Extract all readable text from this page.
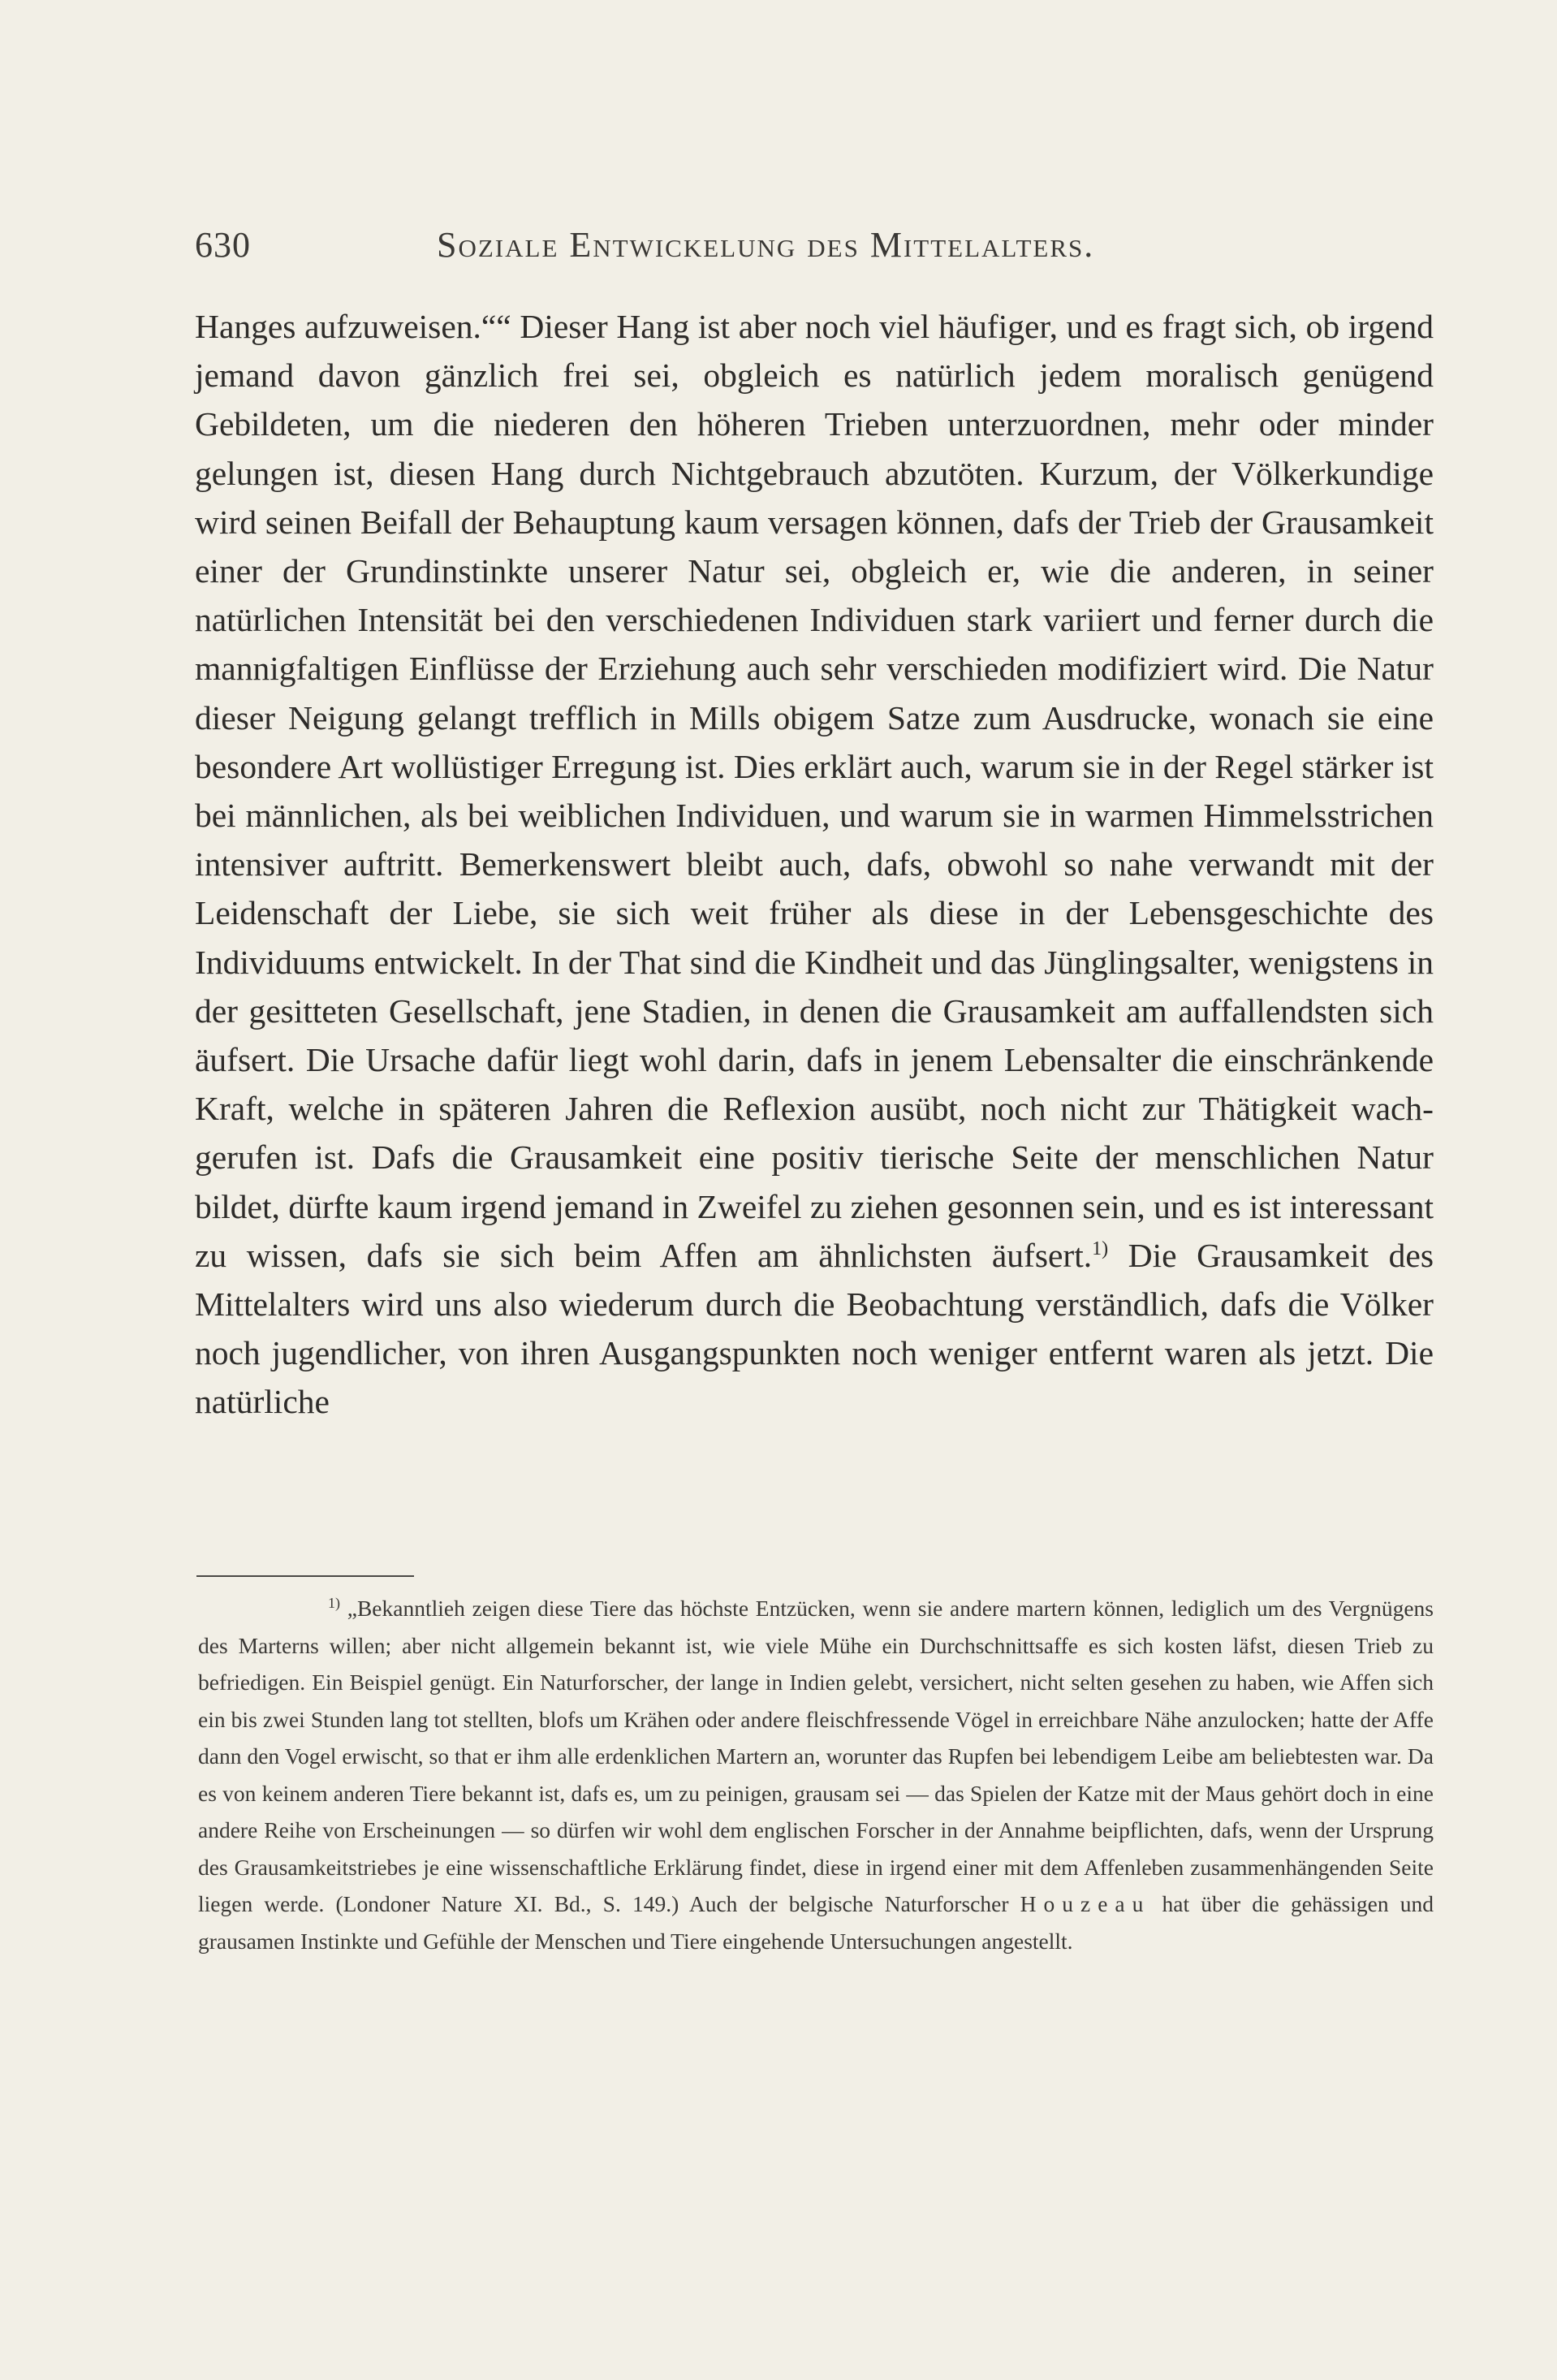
630	Soziale Entwickelung des Mittelalters.

Hanges aufzuweisen.““ Dieser Hang ist aber noch viel häufiger, und es fragt sich, ob irgend jemand davon gänzlich frei sei, obgleich es natürlich jedem moralisch genügend Gebildeten, um die niederen den höheren Trieben unterzuordnen, mehr oder minder gelungen ist, diesen Hang durch Nichtgebrauch abzutöten. Kurzum, der Völkerkundige wird seinen Beifall der Behauptung kaum versagen können, dafs der Trieb der Grausamkeit einer der Grundinstinkte unserer Natur sei, obgleich er, wie die anderen, in seiner natürlichen Intensität bei den verschiedenen Individuen stark variiert und ferner durch die mannigfaltigen Einflüsse der Erziehung auch sehr verschieden modifiziert wird. Die Natur dieser Neigung gelangt trefflich in Mills obigem Satze zum Ausdrucke, wonach sie eine besondere Art wollüstiger Erregung ist. Dies erklärt auch, warum sie in der Regel stärker ist bei männlichen, als bei weiblichen Individuen, und warum sie in warmen Himmelsstrichen intensiver auftritt. Bemerkenswert bleibt auch, dafs, obwohl so nahe verwandt mit der Leidenschaft der Liebe, sie sich weit früher als diese in der Lebensgeschichte des Individuums entwickelt. In der That sind die Kindheit und das Jünglingsalter, wenigstens in der gesitteten Gesellschaft, jene Stadien, in denen die Grausamkeit am auffallendsten sich äufsert. Die Ursache dafür liegt wohl darin, dafs in jenem Lebensalter die einschränkende Kraft, welche in späteren Jahren die Reflexion ausübt, noch nicht zur Thätigkeit wachgerufen ist. Dafs die Grausamkeit eine positiv tierische Seite der menschlichen Natur bildet, dürfte kaum irgend jemand in Zweifel zu ziehen gesonnen sein, und es ist interessant zu wissen, dafs sie sich beim Affen am ähnlichsten äufsert.$^{1)}$ Die Grausamkeit des Mittelalters wird uns also wiederum durch die Beobachtung verständlich, dafs die Völker noch jugendlicher, von ihren Ausgangspunkten noch weniger entfernt waren als jetzt. Die natürliche

$^{1)}$ „Bekanntlieh zeigen diese Tiere das höchste Entzücken, wenn sie andere martern können, lediglich um des Vergnügens des Marterns willen; aber nicht allgemein bekannt ist, wie viele Mühe ein Durchschnittsaffe es sich kosten läfst, diesen Trieb zu befriedigen. Ein Beispiel genügt. Ein Naturforscher, der lange in Indien gelebt, versichert, nicht selten gesehen zu haben, wie Affen sich ein bis zwei Stunden lang tot stellten, blofs um Krähen oder andere fleischfressende Vögel in erreichbare Nähe anzulocken; hatte der Affe dann den Vogel erwischt, so that er ihm alle erdenklichen Martern an, worunter das Rupfen bei lebendigem Leibe am beliebtesten war. Da es von keinem anderen Tiere bekannt ist, dafs es, um zu peinigen, grausam sei — das Spielen der Katze mit der Maus gehört doch in eine andere Reihe von Erscheinungen — so dürfen wir wohl dem englischen Forscher in der Annahme beipflichten, dafs, wenn der Ursprung des Grausamkeitstriebes je eine wissenschaftliche Erklärung findet, diese in irgend einer mit dem Affenleben zusammenhängenden Seite liegen werde. (Londoner Nature XI. Bd., S. 149.) Auch der belgische Naturforscher Houzeau hat über die gehässigen und grausamen Instinkte und Gefühle der Menschen und Tiere eingehende Untersuchungen angestellt.
